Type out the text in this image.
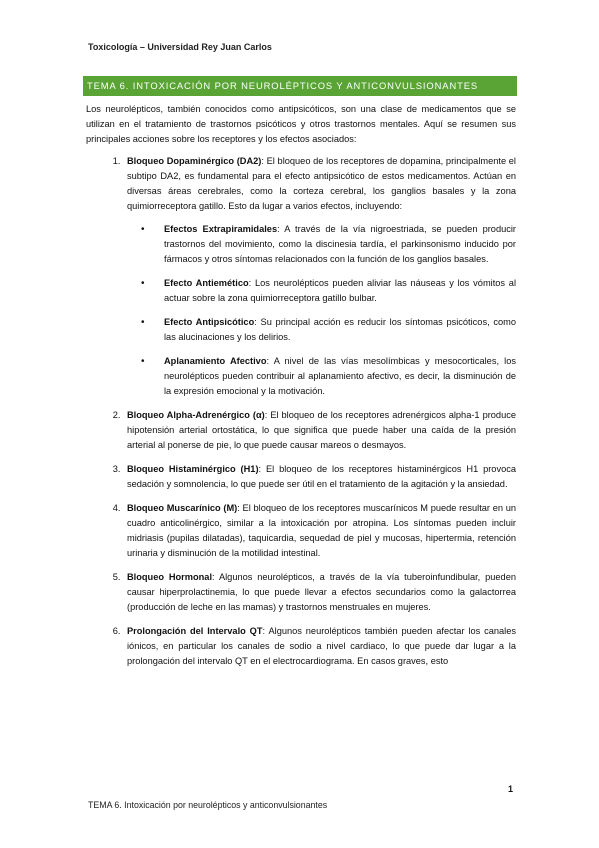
Toxicología – Universidad Rey Juan Carlos
TEMA 6. INTOXICACIÓN POR NEUROLÉPTICOS Y ANTICONVULSIONANTES

Los neurolépticos, también conocidos como antipsicóticos, son una clase de medicamentos que se utilizan en el tratamiento de trastornos psicóticos y otros trastornos mentales. Aquí se resumen sus principales acciones sobre los receptores y los efectos asociados:

1. Bloqueo Dopaminérgico (DA2): El bloqueo de los receptores de dopamina, principalmente el subtipo DA2, es fundamental para el efecto antipsicótico de estos medicamentos. Actúan en diversas áreas cerebrales, como la corteza cerebral, los ganglios basales y la zona quimiorreceptora gatillo. Esto da lugar a varios efectos, incluyendo:
• Efectos Extrapiramidales: A través de la vía nigroestriada, se pueden producir trastornos del movimiento, como la discinesia tardía, el parkinsonismo inducido por fármacos y otros síntomas relacionados con la función de los ganglios basales.
• Efecto Antiemético: Los neurolépticos pueden aliviar las náuseas y los vómitos al actuar sobre la zona quimiorreceptora gatillo bulbar.
• Efecto Antipsicótico: Su principal acción es reducir los síntomas psicóticos, como las alucinaciones y los delirios.
• Aplanamiento Afectivo: A nivel de las vías mesolímbicas y mesocorticales, los neurolépticos pueden contribuir al aplanamiento afectivo, es decir, la disminución de la expresión emocional y la motivación.
2. Bloqueo Alpha-Adrenérgico (α): El bloqueo de los receptores adrenérgicos alpha-1 produce hipotensión arterial ortostática, lo que significa que puede haber una caída de la presión arterial al ponerse de pie, lo que puede causar mareos o desmayos.
3. Bloqueo Histaminérgico (H1): El bloqueo de los receptores histaminérgicos H1 provoca sedación y somnolencia, lo que puede ser útil en el tratamiento de la agitación y la ansiedad.
4. Bloqueo Muscarínico (M): El bloqueo de los receptores muscarínicos M puede resultar en un cuadro anticolinérgico, similar a la intoxicación por atropina. Los síntomas pueden incluir midriasis (pupilas dilatadas), taquicardia, sequedad de piel y mucosas, hipertermia, retención urinaria y disminución de la motilidad intestinal.
5. Bloqueo Hormonal: Algunos neurolépticos, a través de la vía tuberoinfundibular, pueden causar hiperprolactinemia, lo que puede llevar a efectos secundarios como la galactorrea (producción de leche en las mamas) y trastornos menstruales en mujeres.
6. Prolongación del Intervalo QT: Algunos neurolépticos también pueden afectar los canales iónicos, en particular los canales de sodio a nivel cardiaco, lo que puede dar lugar a la prolongación del intervalo QT en el electrocardiograma. En casos graves, esto
1
TEMA 6. Intoxicación por neurolépticos y anticonvulsionantes
